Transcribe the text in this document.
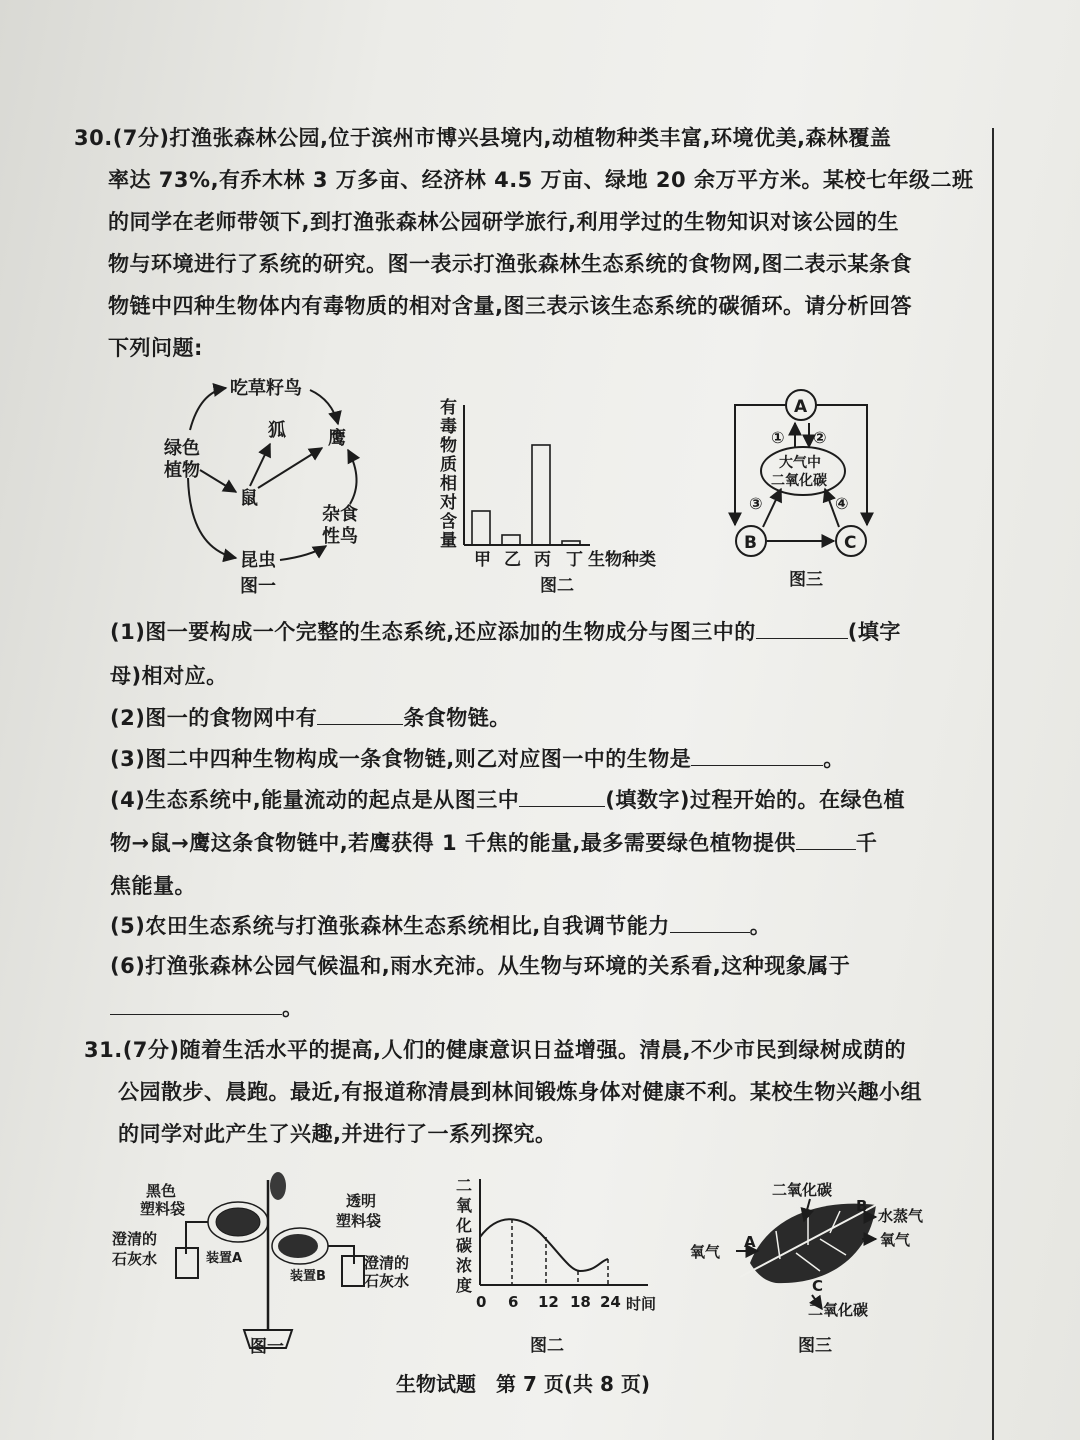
30.(7分)打渔张森林公园,位于滨州市博兴县境内,动植物种类丰富,环境优美,森林覆盖
率达 73%,有乔木林 3 万多亩、经济林 4.5 万亩、绿地 20 余万平方米。某校七年级二班
的同学在老师带领下,到打渔张森林公园研学旅行,利用学过的生物知识对该公园的生
物与环境进行了系统的研究。图一表示打渔张森林生态系统的食物网,图二表示某条食
物链中四种生物体内有毒物质的相对含量,图三表示该生态系统的碳循环。请分析回答
下列问题:
吃草籽鸟
狐 鹰
绿色
植物
鼠
杂食
性鸟
昆虫
图一
有
毒
物
质
相
对
含
量
甲 乙 丙 丁 生物种类
图二
A
大气中
二氧化碳
B	C
① ②
③	④
图三
(1)图一要构成一个完整的生态系统,还应添加的生物成分与图三中的	(填字
母)相对应。
(2)图一的食物网中有	条食物链。
(3)图二中四种生物构成一条食物链,则乙对应图一中的生物是	。
(4)生态系统中,能量流动的起点是从图三中	(填数字)过程开始的。在绿色植
物→鼠→鹰这条食物链中,若鹰获得 1 千焦的能量,最多需要绿色植物提供	千
焦能量。
(5)农田生态系统与打渔张森林生态系统相比,自我调节能力	。
(6)打渔张森林公园气候温和,雨水充沛。从生物与环境的关系看,这种现象属于
。
31.(7分)随着生活水平的提高,人们的健康意识日益增强。清晨,不少市民到绿树成荫的
公园散步、晨跑。最近,有报道称清晨到林间锻炼身体对健康不利。某校生物兴趣小组
的同学对此产生了兴趣,并进行了一系列探究。
黑色
塑料袋	透明
塑料袋
澄清的
石灰水	澄清的
石灰水
装置A
装置B
图一
二
氧
化
碳
浓
度
0 6 12 18 24 时间
图二
二氧化碳
B
水蒸气
氧气
氧气
A
C
二氧化碳
图三
生物试题　第 7 页(共 8 页)
